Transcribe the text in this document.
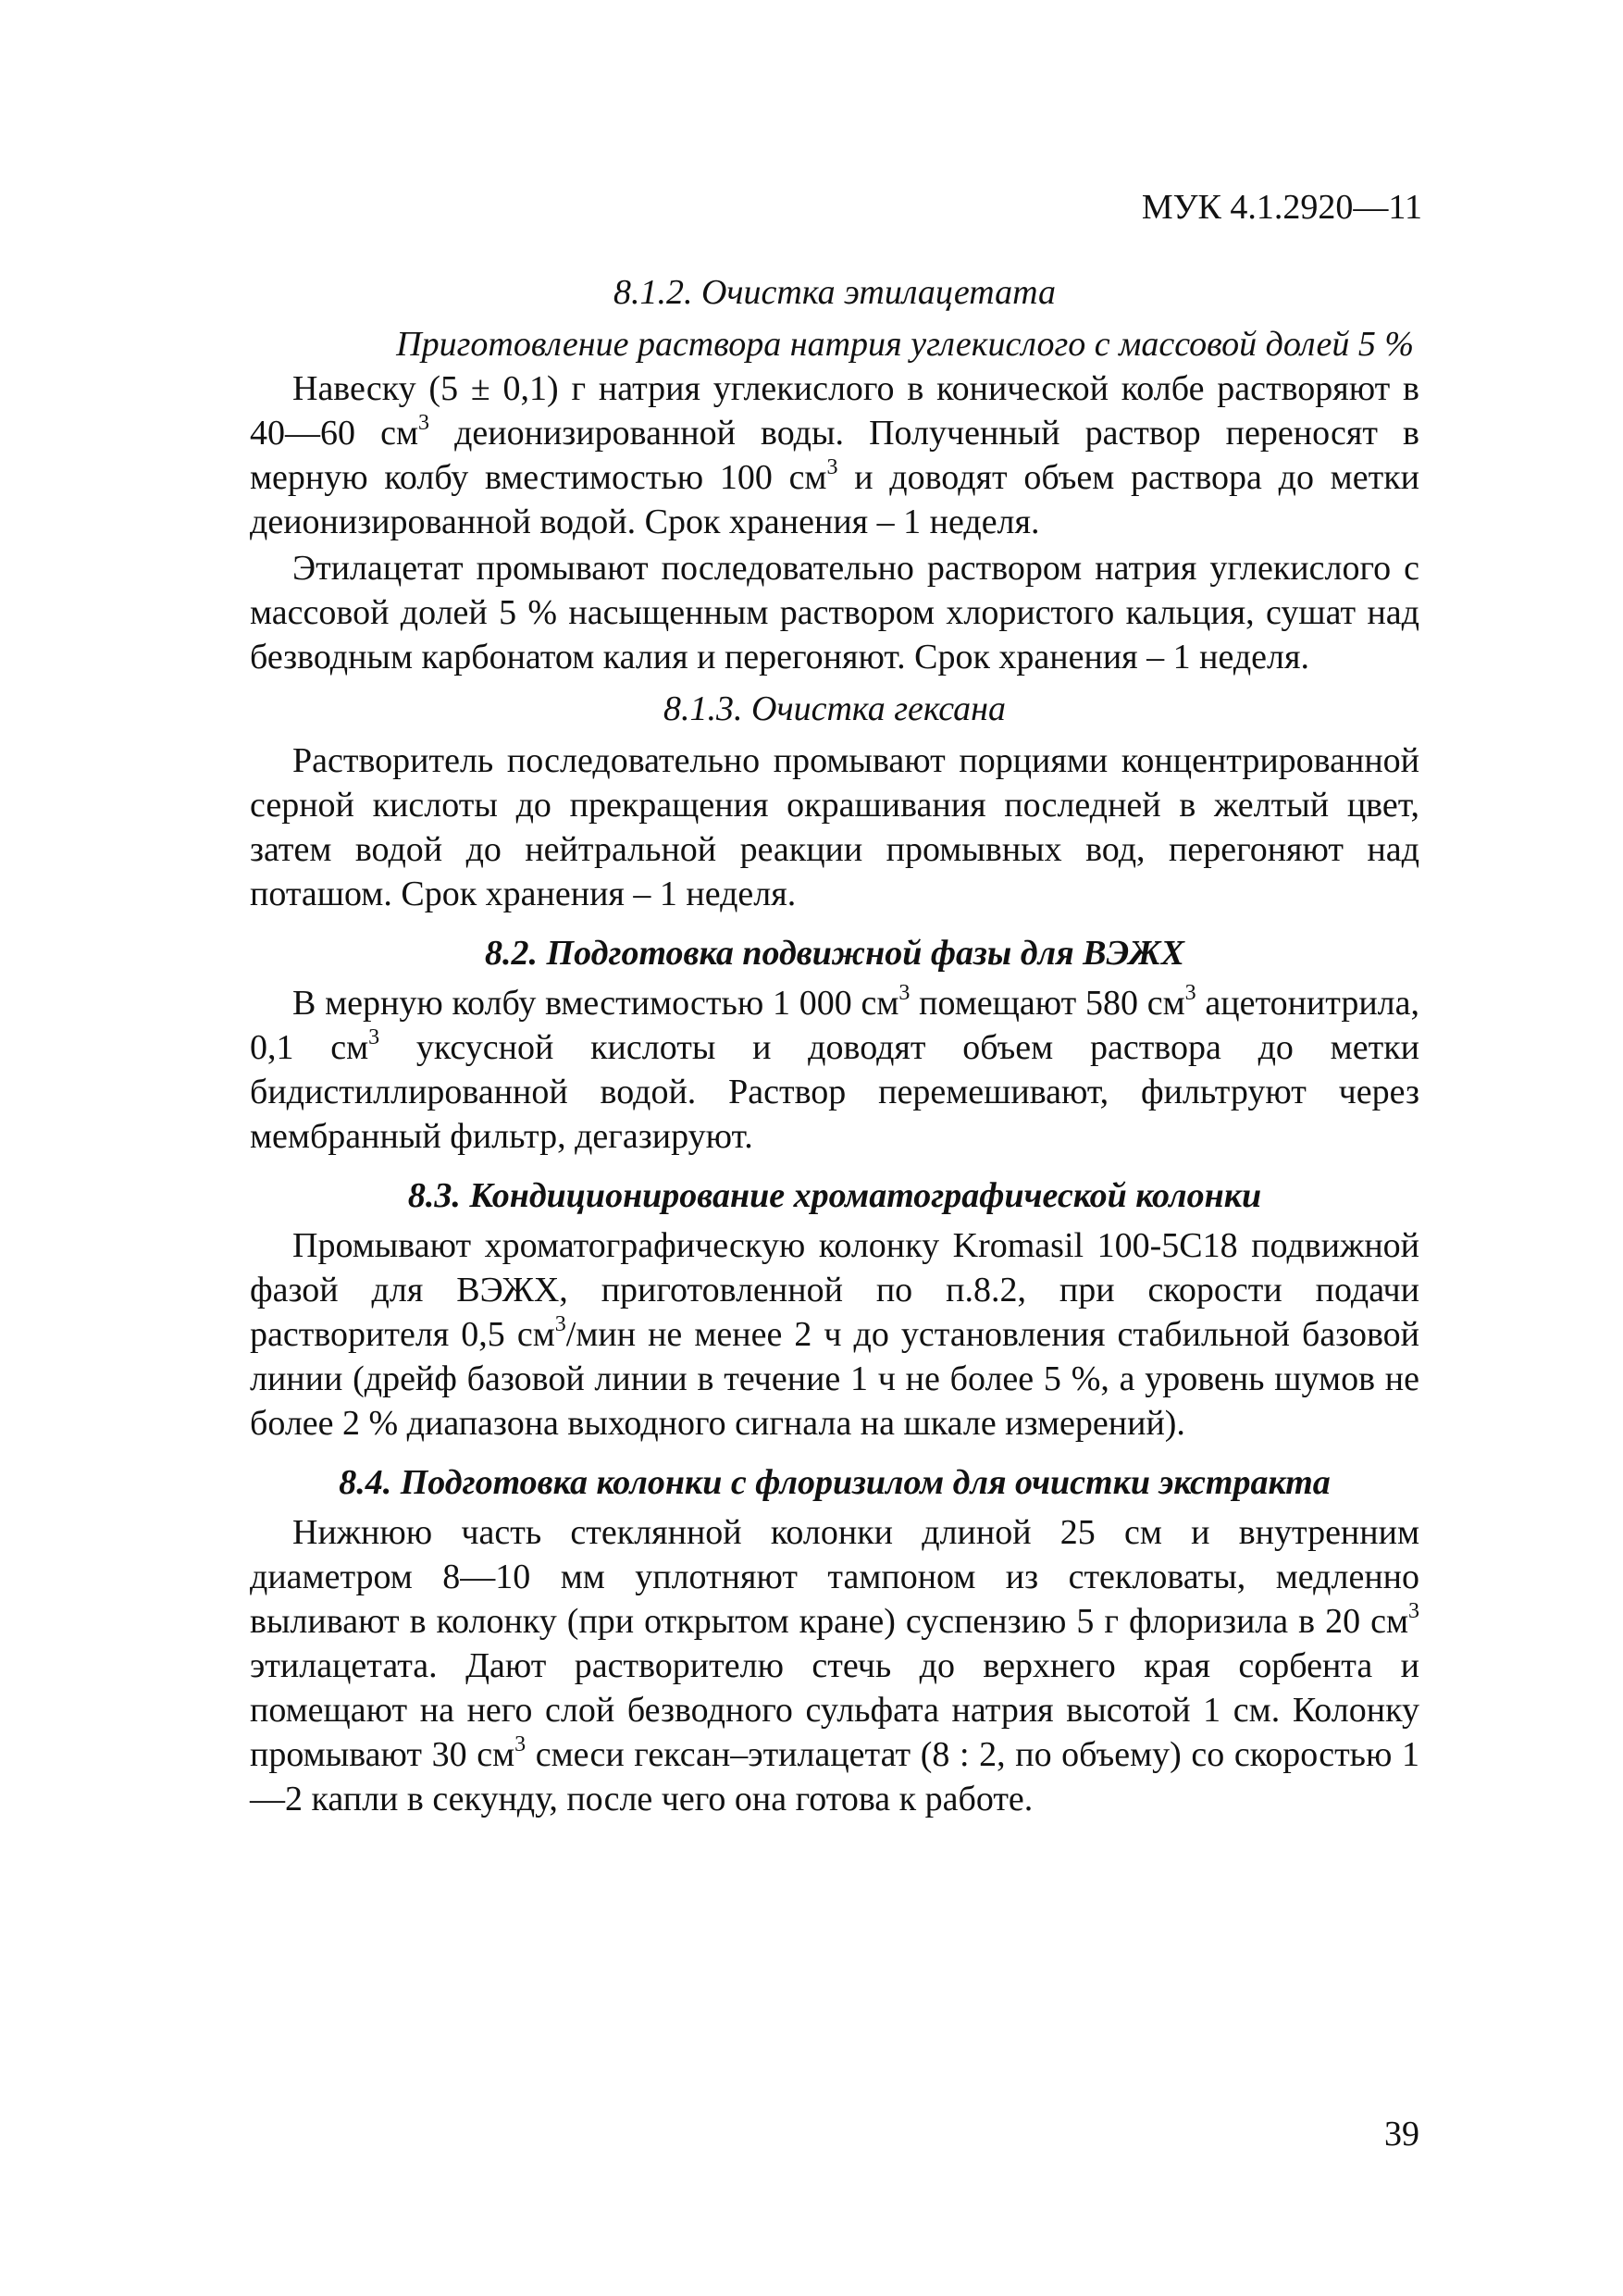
МУК 4.1.2920—11
8.1.2. Очистка этилацетата
Приготовление раствора натрия углекислого с массовой долей 5 %

Навеску (5 ± 0,1) г натрия углекислого в конической колбе растворяют в 40—60 $см^3$ деионизированной воды. Полученный раствор переносят в мерную колбу вместимостью 100 $см^3$ и доводят объем раствора до метки деионизированной водой. Срок хранения – 1 неделя.

Этилацетат промывают последовательно раствором натрия углекислого с массовой долей 5 % насыщенным раствором хлористого кальция, сушат над безводным карбонатом калия и перегоняют. Срок хранения – 1 неделя.

8.1.3. Очистка гексана

Растворитель последовательно промывают порциями концентрированной серной кислоты до прекращения окрашивания последней в желтый цвет, затем водой до нейтральной реакции промывных вод, перегоняют над поташом. Срок хранения – 1 неделя.

8.2. Подготовка подвижной фазы для ВЭЖХ

В мерную колбу вместимостью 1 000 $см^3$ помещают 580 $см^3$ ацетонитрила, 0,1 $см^3$ уксусной кислоты и доводят объем раствора до метки бидистиллированной водой. Раствор перемешивают, фильтруют через мембранный фильтр, дегазируют.

8.3. Кондиционирование хроматографической колонки

Промывают хроматографическую колонку Kromasil 100-5C18 подвижной фазой для ВЭЖХ, приготовленной по п.8.2, при скорости подачи растворителя 0,5 $см^3$/мин не менее 2 ч до установления стабильной базовой линии (дрейф базовой линии в течение 1 ч не более 5 %, а уровень шумов не более 2 % диапазона выходного сигнала на шкале измерений).

8.4. Подготовка колонки с флоризилом для очистки экстракта

Нижнюю часть стеклянной колонки длиной 25 см и внутренним диаметром 8—10 мм уплотняют тампоном из стекловаты, медленно выливают в колонку (при открытом кране) суспензию 5 г флоризила в 20 $см^3$ этилацетата. Дают растворителю стечь до верхнего края сорбента и помещают на него слой безводного сульфата натрия высотой 1 см. Колонку промывают 30 $см^3$ смеси гексан–этилацетат (8 : 2, по объему) со скоростью 1—2 капли в секунду, после чего она готова к работе.

39
